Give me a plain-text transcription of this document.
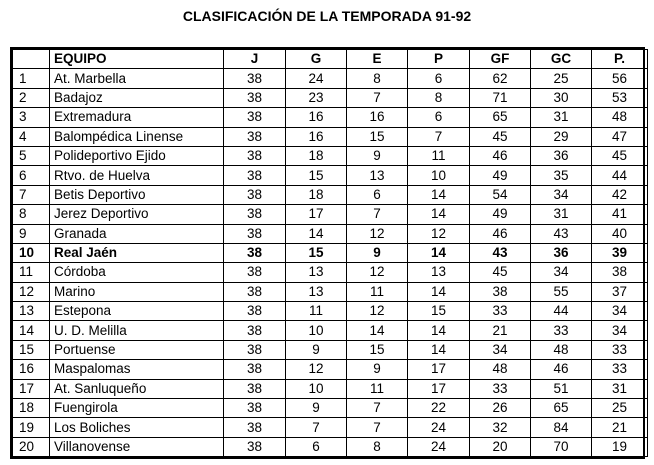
CLASIFICACIÓN DE LA TEMPORADA 91-92
	EQUIPO	J	G	E	P	GF	GC	P.
1	At. Marbella	38	24	8	6	62	25	56
2	Badajoz	38	23	7	8	71	30	53
3	Extremadura	38	16	16	6	65	31	48
4	Balompédica Linense	38	16	15	7	45	29	47
5	Polideportivo Ejido	38	18	9	11	46	36	45
6	Rtvo. de Huelva	38	15	13	10	49	35	44
7	Betis Deportivo	38	18	6	14	54	34	42
8	Jerez Deportivo	38	17	7	14	49	31	41
9	Granada	38	14	12	12	46	43	40
10	Real Jaén	38	15	9	14	43	36	39
11	Córdoba	38	13	12	13	45	34	38
12	Marino	38	13	11	14	38	55	37
13	Estepona	38	11	12	15	33	44	34
14	U. D. Melilla	38	10	14	14	21	33	34
15	Portuense	38	9	15	14	34	48	33
16	Maspalomas	38	12	9	17	48	46	33
17	At. Sanluqueño	38	10	11	17	33	51	31
18	Fuengirola	38	9	7	22	26	65	25
19	Los Boliches	38	7	7	24	32	84	21
20	Villanovense	38	6	8	24	20	70	19
